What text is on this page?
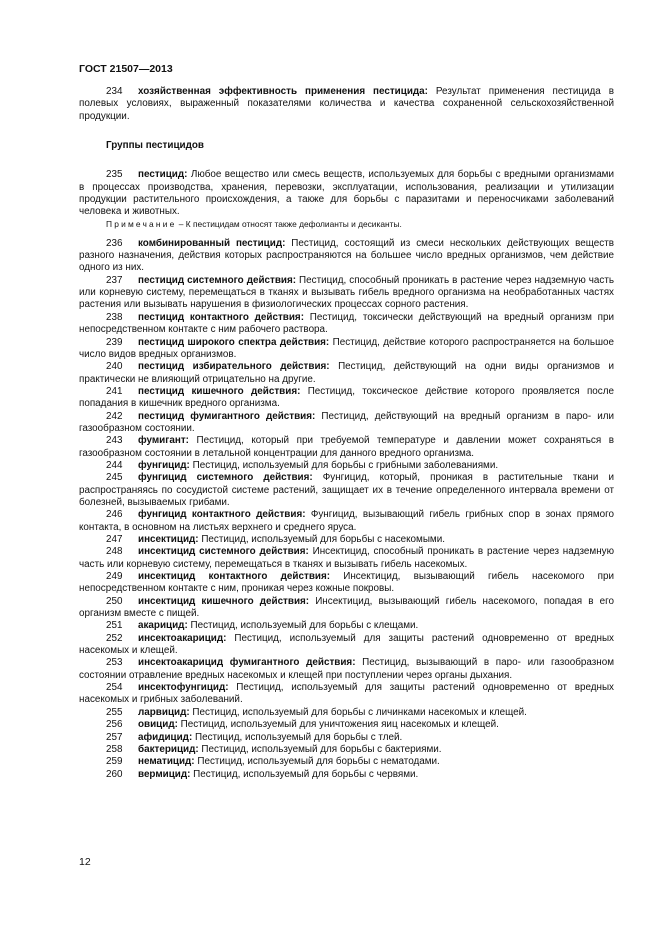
ГОСТ 21507—2013

234 хозяйственная эффективность применения пестицида: Результат применения пестицида в полевых условиях, выраженный показателями количества и качества сохраненной сельскохозяйственной продукции.

Группы пестицидов

235 пестицид: Любое вещество или смесь веществ, используемых для борьбы с вредными организмами в процессах производства, хранения, перевозки, эксплуатации, использования, реализации и утилизации продукции растительного происхождения, а также для борьбы с паразитами и переносчиками заболеваний человека и животных.

Примечание – К пестицидам относят также дефолианты и десиканты.

236 комбинированный пестицид: Пестицид, состоящий из смеси нескольких действующих веществ разного назначения, действия которых распространяются на большее число вредных организмов, чем действие одного из них.

237 пестицид системного действия: Пестицид, способный проникать в растение через надземную часть или корневую систему, перемещаться в тканях и вызывать гибель вредного организма на необработанных частях растения или вызывать нарушения в физиологических процессах сорного растения.

238 пестицид контактного действия: Пестицид, токсически действующий на вредный организм при непосредственном контакте с ним рабочего раствора.

239 пестицид широкого спектра действия: Пестицид, действие которого распространяется на большое число видов вредных организмов.

240 пестицид избирательного действия: Пестицид, действующий на одни виды организмов и практически не влияющий отрицательно на другие.

241 пестицид кишечного действия: Пестицид, токсическое действие которого проявляется после попадания в кишечник вредного организма.

242 пестицид фумигантного действия: Пестицид, действующий на вредный организм в паро- или газообразном состоянии.

243 фумигант: Пестицид, который при требуемой температуре и давлении может сохраняться в газообразном состоянии в летальной концентрации для данного вредного организма.

244 фунгицид: Пестицид, используемый для борьбы с грибными заболеваниями.

245 фунгицид системного действия: Фунгицид, который, проникая в растительные ткани и распространяясь по сосудистой системе растений, защищает их в течение определенного интервала времени от болезней, вызываемых грибами.

246 фунгицид контактного действия: Фунгицид, вызывающий гибель грибных спор в зонах прямого контакта, в основном на листьях верхнего и среднего яруса.

247 инсектицид: Пестицид, используемый для борьбы с насекомыми.

248 инсектицид системного действия: Инсектицид, способный проникать в растение через надземную часть или корневую систему, перемещаться в тканях и вызывать гибель насекомых.

249 инсектицид контактного действия: Инсектицид, вызывающий гибель насекомого при непосредственном контакте с ним, проникая через кожные покровы.

250 инсектицид кишечного действия: Инсектицид, вызывающий гибель насекомого, попадая в его организм вместе с пищей.

251 акарицид: Пестицид, используемый для борьбы с клещами.

252 инсектоакарицид: Пестицид, используемый для защиты растений одновременно от вредных насекомых и клещей.

253 инсектоакарицид фумигантного действия: Пестицид, вызывающий в паро- или газообразном состоянии отравление вредных насекомых и клещей при поступлении через органы дыхания.

254 инсектофунгицид: Пестицид, используемый для защиты растений одновременно от вредных насекомых и грибных заболеваний.

255 ларвицид: Пестицид, используемый для борьбы с личинками насекомых и клещей.

256 овицид: Пестицид, используемый для уничтожения яиц насекомых и клещей.

257 афидицид: Пестицид, используемый для борьбы с тлей.

258 бактерицид: Пестицид, используемый для борьбы с бактериями.

259 нематицид: Пестицид, используемый для борьбы с нематодами.

260 вермицид: Пестицид, используемый для борьбы с червями.

12
